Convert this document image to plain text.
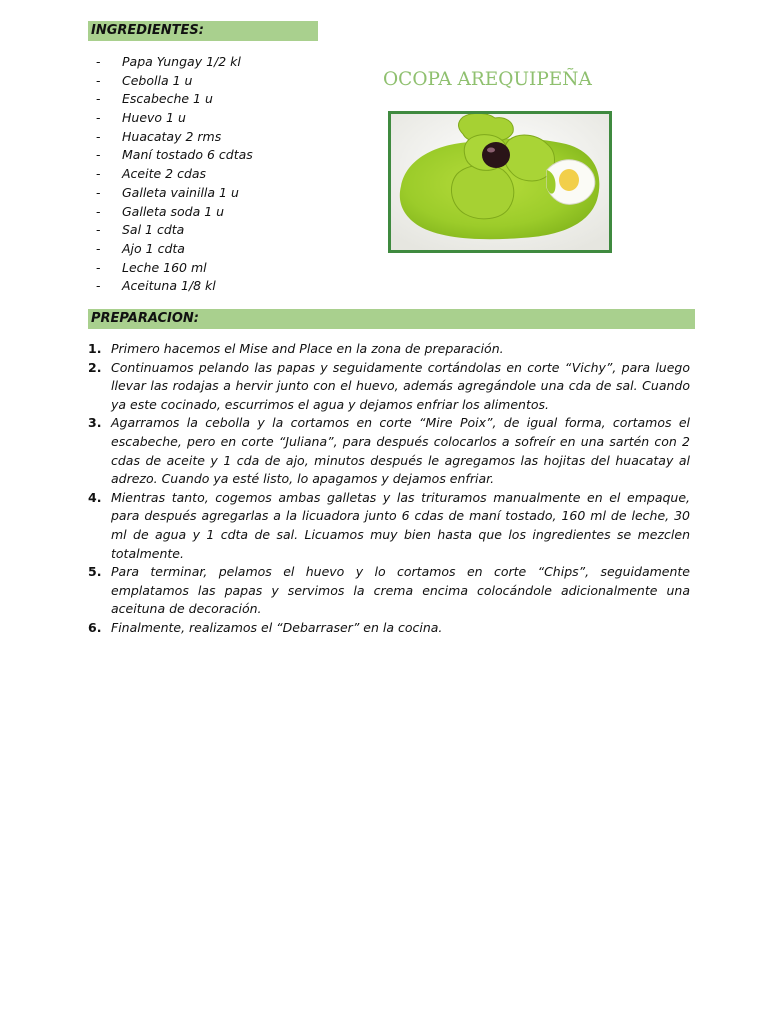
INGREDIENTES:
- Papa Yungay 1/2 kl
- Cebolla 1 u
- Escabeche 1 u
- Huevo 1 u
- Huacatay 2 rms
- Maní tostado 6 cdtas
- Aceite 2 cdas
- Galleta vainilla 1 u
- Galleta soda 1 u
- Sal 1 cdta
- Ajo 1 cdta
- Leche 160 ml
- Aceituna 1/8 kl
OCOPA AREQUIPEÑA
PREPARACION:
1. Primero hacemos el Mise and Place en la zona de preparación.
2. Continuamos pelando las papas y seguidamente cortándolas en corte “Vichy”, para luego llevar las rodajas a hervir junto con el huevo, además agregándole una cda de sal. Cuando ya este cocinado, escurrimos el agua y dejamos enfriar los alimentos.
3. Agarramos la cebolla y la cortamos en corte “Mire Poix”, de igual forma, cortamos el escabeche, pero en corte “Juliana”, para después colocarlos a sofreír en una sartén con 2 cdas de aceite y 1 cda de ajo, minutos después le agregamos las hojitas del huacatay al adrezo. Cuando ya esté listo, lo apagamos y dejamos enfriar.
4. Mientras tanto, cogemos ambas galletas y las trituramos manualmente en el empaque, para después agregarlas a la licuadora junto 6 cdas de maní tostado, 160 ml de leche, 30 ml de agua y 1 cdta de sal. Licuamos muy bien hasta que los ingredientes se mezclen totalmente.
5. Para terminar, pelamos el huevo y lo cortamos en corte “Chips”, seguidamente emplatamos las papas y servimos la crema encima colocándole adicionalmente una aceituna de decoración.
6. Finalmente, realizamos el “Debarraser” en la cocina.
